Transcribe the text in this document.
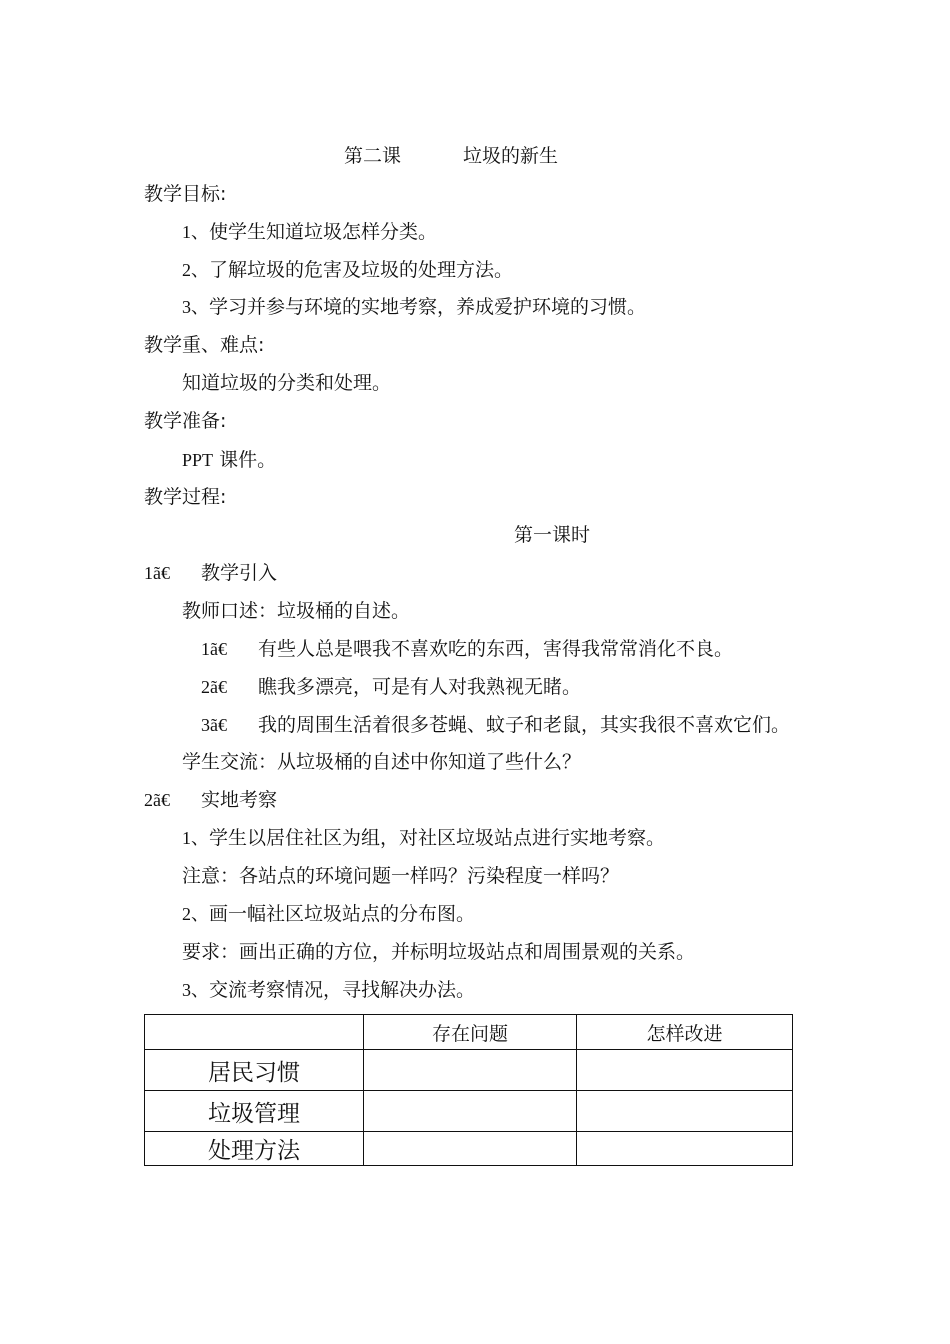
第二课	垃圾的新生
教学目标:
1、使学生知道垃圾怎样分类。
2、了解垃圾的危害及垃圾的处理方法。
3、学习并参与环境的实地考察，养成爱护环境的习惯。
教学重、难点:
知道垃圾的分类和处理。
教学准备:
PPT 课件。
教学过程:
第一课时
1ã€ 教学引入
教师口述：垃圾桶的自述。
1ã€ 有些人总是喂我不喜欢吃的东西，害得我常常消化不良。
2ã€ 瞧我多漂亮，可是有人对我熟视无睹。
3ã€ 我的周围生活着很多苍蝇、蚊子和老鼠，其实我很不喜欢它们。
学生交流：从垃圾桶的自述中你知道了些什么？
2ã€ 实地考察
1、学生以居住社区为组，对社区垃圾站点进行实地考察。
注意：各站点的环境问题一样吗？污染程度一样吗？
2、画一幅社区垃圾站点的分布图。
要求：画出正确的方位，并标明垃圾站点和周围景观的关系。
3、交流考察情况，寻找解决办法。
	存在问题	怎样改进
居民习惯		
垃圾管理		
处理方法		
